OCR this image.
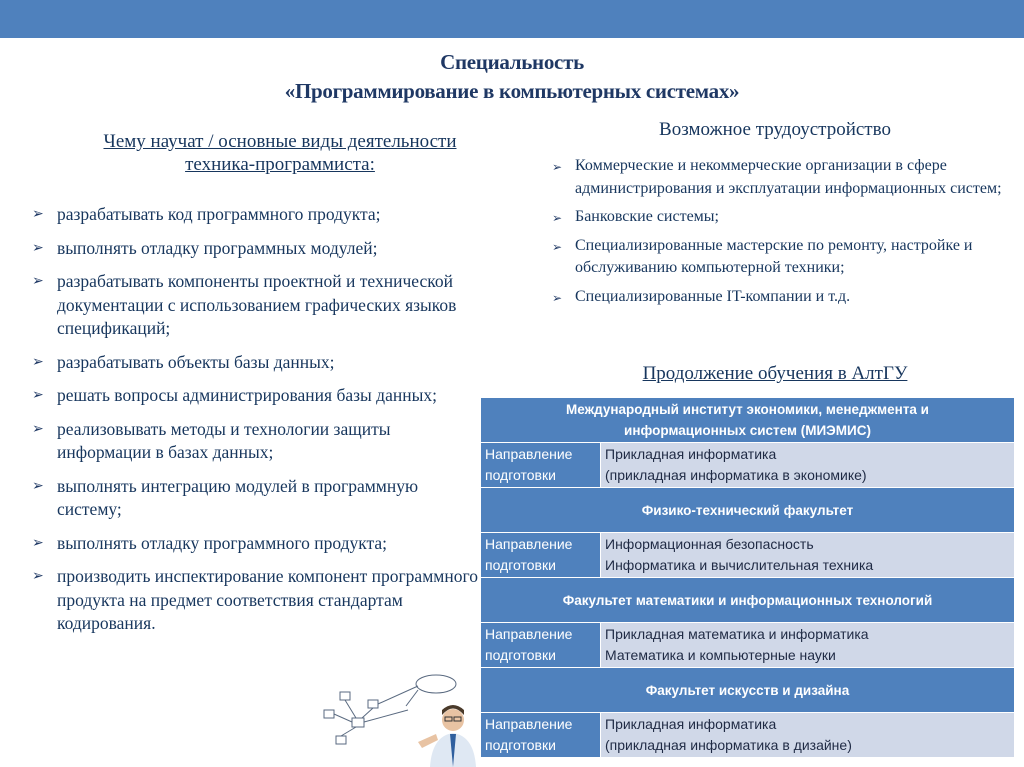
Специальность
«Программирование в компьютерных системах»
Чему научат / основные виды деятельности
техника-программиста:
➢ разрабатывать код программного продукта;
➢ выполнять отладку программных модулей;
➢ разрабатывать компоненты проектной и технической документации с использованием графических языков спецификаций;
➢ разрабатывать объекты базы данных;
➢ решать вопросы администрирования базы данных;
➢ реализовывать методы и технологии защиты информации в базах данных;
➢ выполнять интеграцию модулей в программную систему;
➢ выполнять отладку программного продукта;
➢ производить инспектирование компонент программного продукта на предмет соответствия стандартам кодирования.
Возможное трудоустройство
➢ Коммерческие и некоммерческие организации в сфере администрирования и эксплуатации информационных систем;
➢ Банковские системы;
➢ Специализированные мастерские по ремонту, настройке и обслуживанию компьютерной техники;
➢ Специализированные IT-компании и т.д.
Продолжение обучения в АлтГУ
Международный институт экономики, менеджмента и
информационных систем (МИЭМИС)	

Направление
подготовки	Прикладная информатика
(прикладная информатика в экономике)

Физико-технический факультет	

Направление
подготовки	Информационная безопасность
Информатика и вычислительная техника

Факультет математики и информационных технологий	

Направление
подготовки	Прикладная математика и информатика
Математика и компьютерные науки

Факультет искусств и дизайна	

Направление
подготовки	Прикладная информатика
(прикладная информатика в дизайне)
